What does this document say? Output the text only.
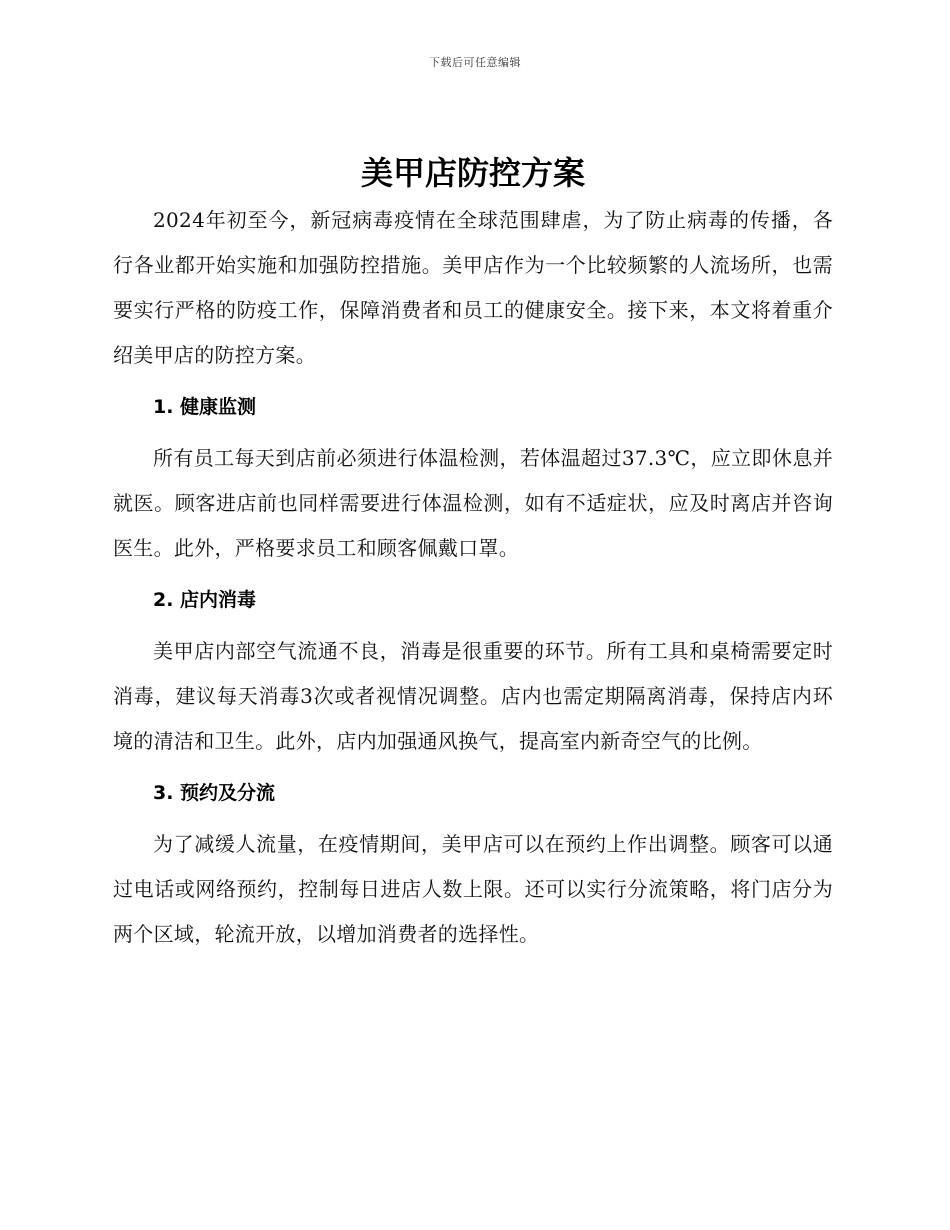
下载后可任意编辑
美甲店防控方案

2024年初至今，新冠病毒疫情在全球范围肆虐，为了防止病毒的传播，各行各业都开始实施和加强防控措施。美甲店作为一个比较频繁的人流场所，也需要实行严格的防疫工作，保障消费者和员工的健康安全。接下来，本文将着重介绍美甲店的防控方案。

1. 健康监测

所有员工每天到店前必须进行体温检测，若体温超过37.3℃，应立即休息并就医。顾客进店前也同样需要进行体温检测，如有不适症状，应及时离店并咨询医生。此外，严格要求员工和顾客佩戴口罩。

2. 店内消毒

美甲店内部空气流通不良，消毒是很重要的环节。所有工具和桌椅需要定时消毒，建议每天消毒3次或者视情况调整。店内也需定期隔离消毒，保持店内环境的清洁和卫生。此外，店内加强通风换气，提高室内新奇空气的比例。

3. 预约及分流

为了减缓人流量，在疫情期间，美甲店可以在预约上作出调整。顾客可以通过电话或网络预约，控制每日进店人数上限。还可以实行分流策略，将门店分为两个区域，轮流开放，以增加消费者的选择性。
